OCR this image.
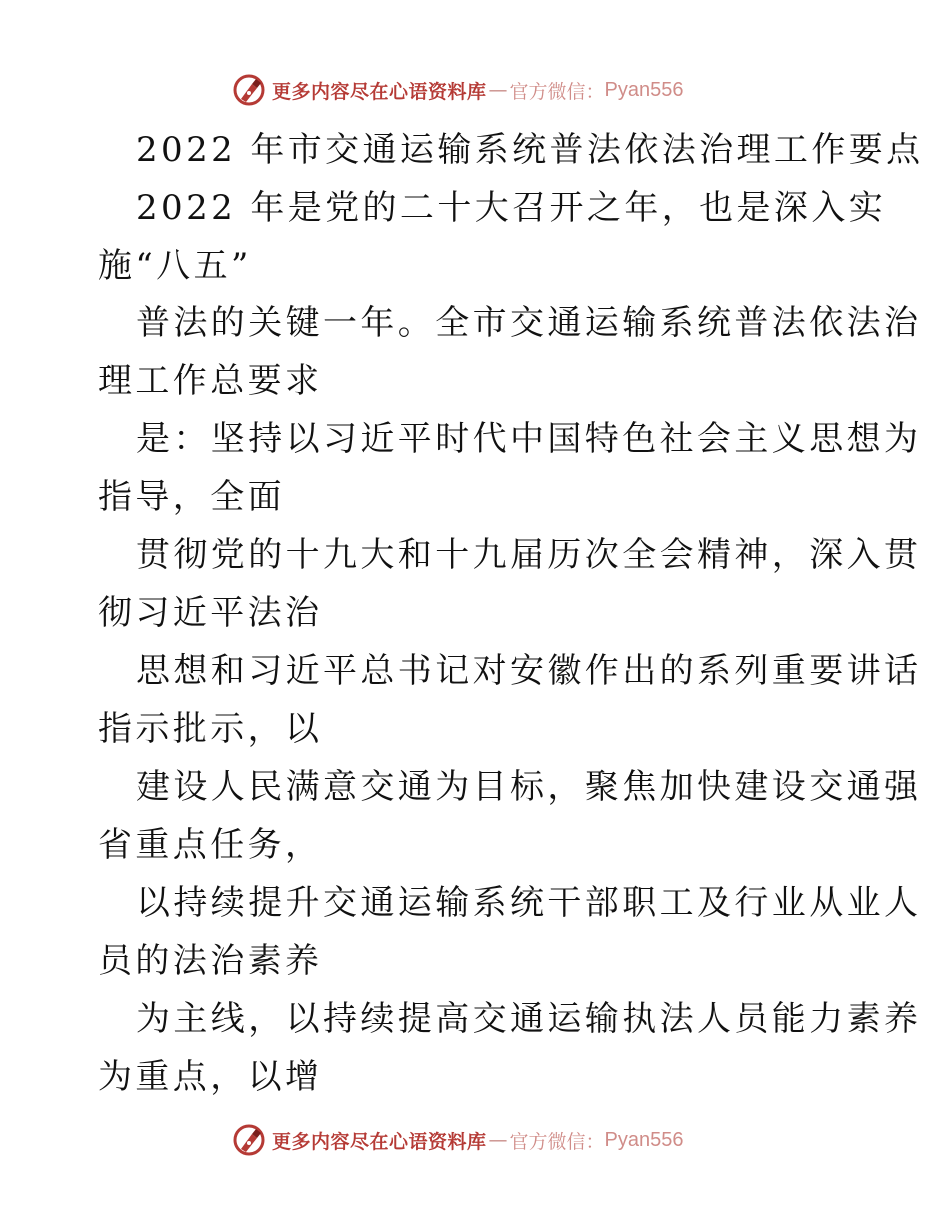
更多内容尽在心语资料库 — 官方微信： Pyan556
2022 年市交通运输系统普法依法治理工作要点
2022 年是党的二十大召开之年，也是深入实
施“八五”
普法的关键一年。全市交通运输系统普法依法治
理工作总要求
是：坚持以习近平时代中国特色社会主义思想为
指导，全面
贯彻党的十九大和十九届历次全会精神，深入贯
彻习近平法治
思想和习近平总书记对安徽作出的系列重要讲话
指示批示，以
建设人民满意交通为目标，聚焦加快建设交通强
省重点任务，
以持续提升交通运输系统干部职工及行业从业人
员的法治素养
为主线，以持续提高交通运输执法人员能力素养
为重点，以增
更多内容尽在心语资料库 — 官方微信： Pyan556
